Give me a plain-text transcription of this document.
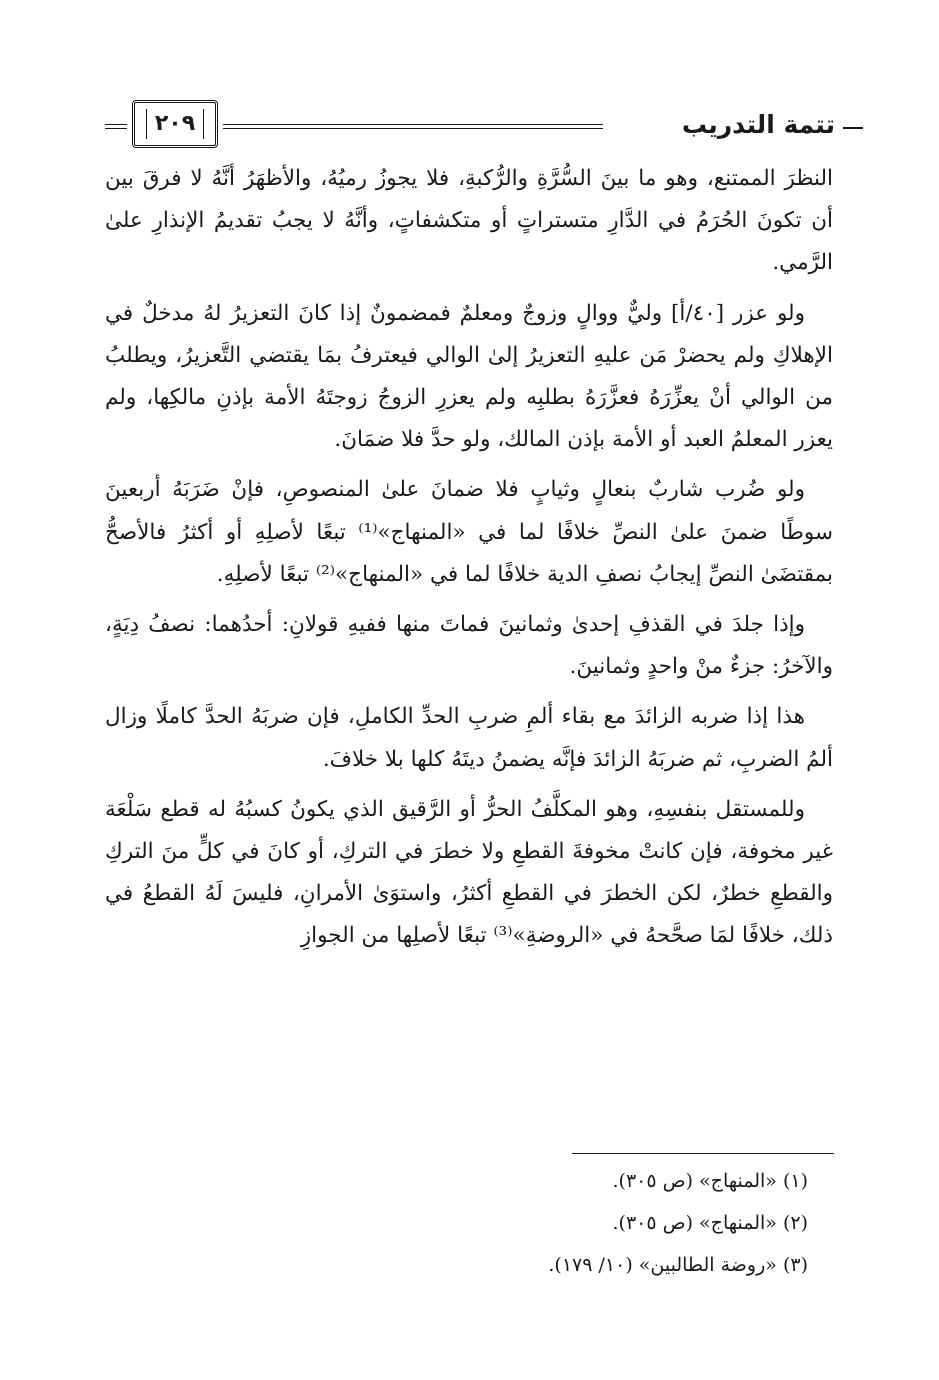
٢٠٩	تتمة التدريب

النظرَ الممتنع، وهو ما بينَ السُّرَّةِ والرُّكبةِ، فلا يجوزُ رميُهُ، والأظهَرُ أنَّهُ لا فرقَ بين أن تكونَ الحُرَمُ في الدَّارِ متستراتٍ أو متكشفاتٍ، وأنَّهُ لا يجبُ تقديمُ الإنذارِ علىٰ الرَّمي.

ولو عزر [٤٠/أ] وليٌّ ووالٍ وزوجٌ ومعلمٌ فمضمونٌ إذا كانَ التعزيرُ لهُ مدخلٌ في الإهلاكِ ولم يحضرْ مَن عليهِ التعزيرُ إلىٰ الوالي فيعترفُ بمَا يقتضي التَّعزيرُ، ويطلبُ من الوالي أنْ يعزِّرَهُ فعزَّرَهُ بطلبِه ولم يعزرِ الزوجُ زوجتَهُ الأمة بإذنِ مالكِها، ولم يعزر المعلمُ العبد أو الأمة بإذن المالك، ولو حدَّ فلا ضمَانَ.

ولو ضُرب شاربٌ بنعالٍ وثيابٍ فلا ضمانَ علىٰ المنصوصِ، فإنْ ضَرَبَهُ أربعينَ سوطًا ضمنَ علىٰ النصِّ خلافًا لما في «المنهاج»⁽¹⁾ تبعًا لأصلِهِ أو أكثرُ فالأصحُّ بمقتضَىٰ النصِّ إيجابُ نصفِ الدية خلافًا لما في «المنهاج»⁽²⁾ تبعًا لأصلِهِ.

وإذا جلدَ في القذفِ إحدىٰ وثمانينَ فماتَ منها ففيهِ قولانِ: أحدُهما: نصفُ دِيَةٍ، والآخرُ: جزءٌ منْ واحدٍ وثمانينَ.

هذا إذا ضربه الزائدَ مع بقاء ألمِ ضربِ الحدِّ الكاملِ، فإن ضربَهُ الحدَّ كاملًا وزال ألمُ الضربِ، ثم ضربَهُ الزائدَ فإنَّه يضمنُ ديتَهُ كلها بلا خلافَ.

وللمستقل بنفسِهِ، وهو المكلَّفُ الحرُّ أو الرَّقيق الذي يكونُ كسبُهُ له قطع سَلْعَة غير مخوفة، فإن كانتْ مخوفةَ القطعِ ولا خطرَ في التركِ، أو كانَ في كلٍّ منَ التركِ والقطعِ خطرٌ، لكن الخطرَ في القطعِ أكثرُ، واستوَىٰ الأمرانِ، فليسَ لَهُ القطعُ في ذلك، خلافًا لمَا صحَّحهُ في «الروضةِ»⁽³⁾ تبعًا لأصلِها من الجوازِ

(١) «المنهاج» (ص ٣٠٥).
(٢) «المنهاج» (ص ٣٠٥).
(٣) «روضة الطالبين» (١٠/ ١٧٩).
